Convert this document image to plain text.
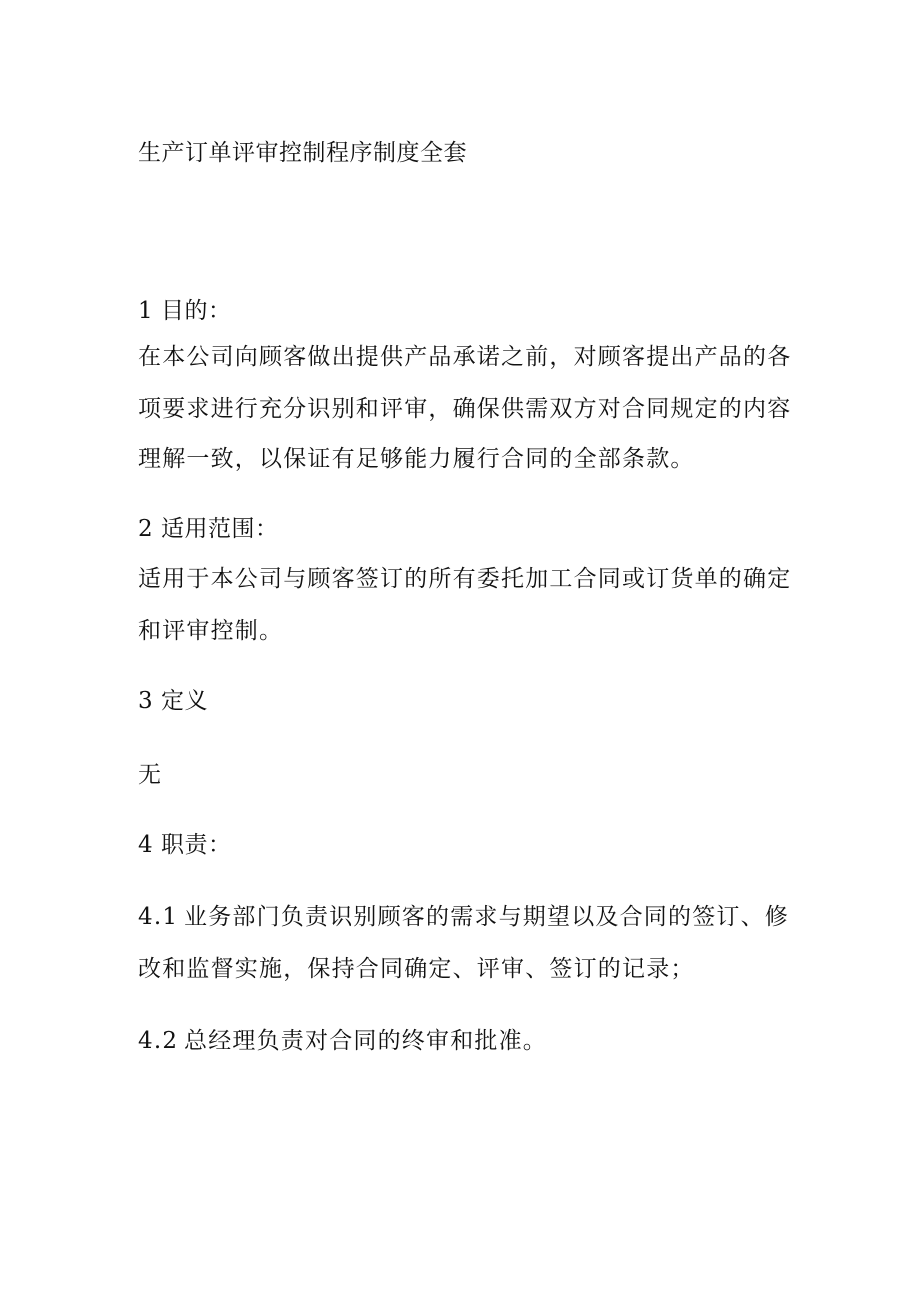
生产订单评审控制程序制度全套
1 目的：
在本公司向顾客做出提供产品承诺之前，对顾客提出产品的各
项要求进行充分识别和评审，确保供需双方对合同规定的内容
理解一致，以保证有足够能力履行合同的全部条款。
2 适用范围：
适用于本公司与顾客签订的所有委托加工合同或订货单的确定
和评审控制。
3 定义
无
4 职责：
4.1 业务部门负责识别顾客的需求与期望以及合同的签订、修
改和监督实施，保持合同确定、评审、签订的记录；
4.2 总经理负责对合同的终审和批准。
